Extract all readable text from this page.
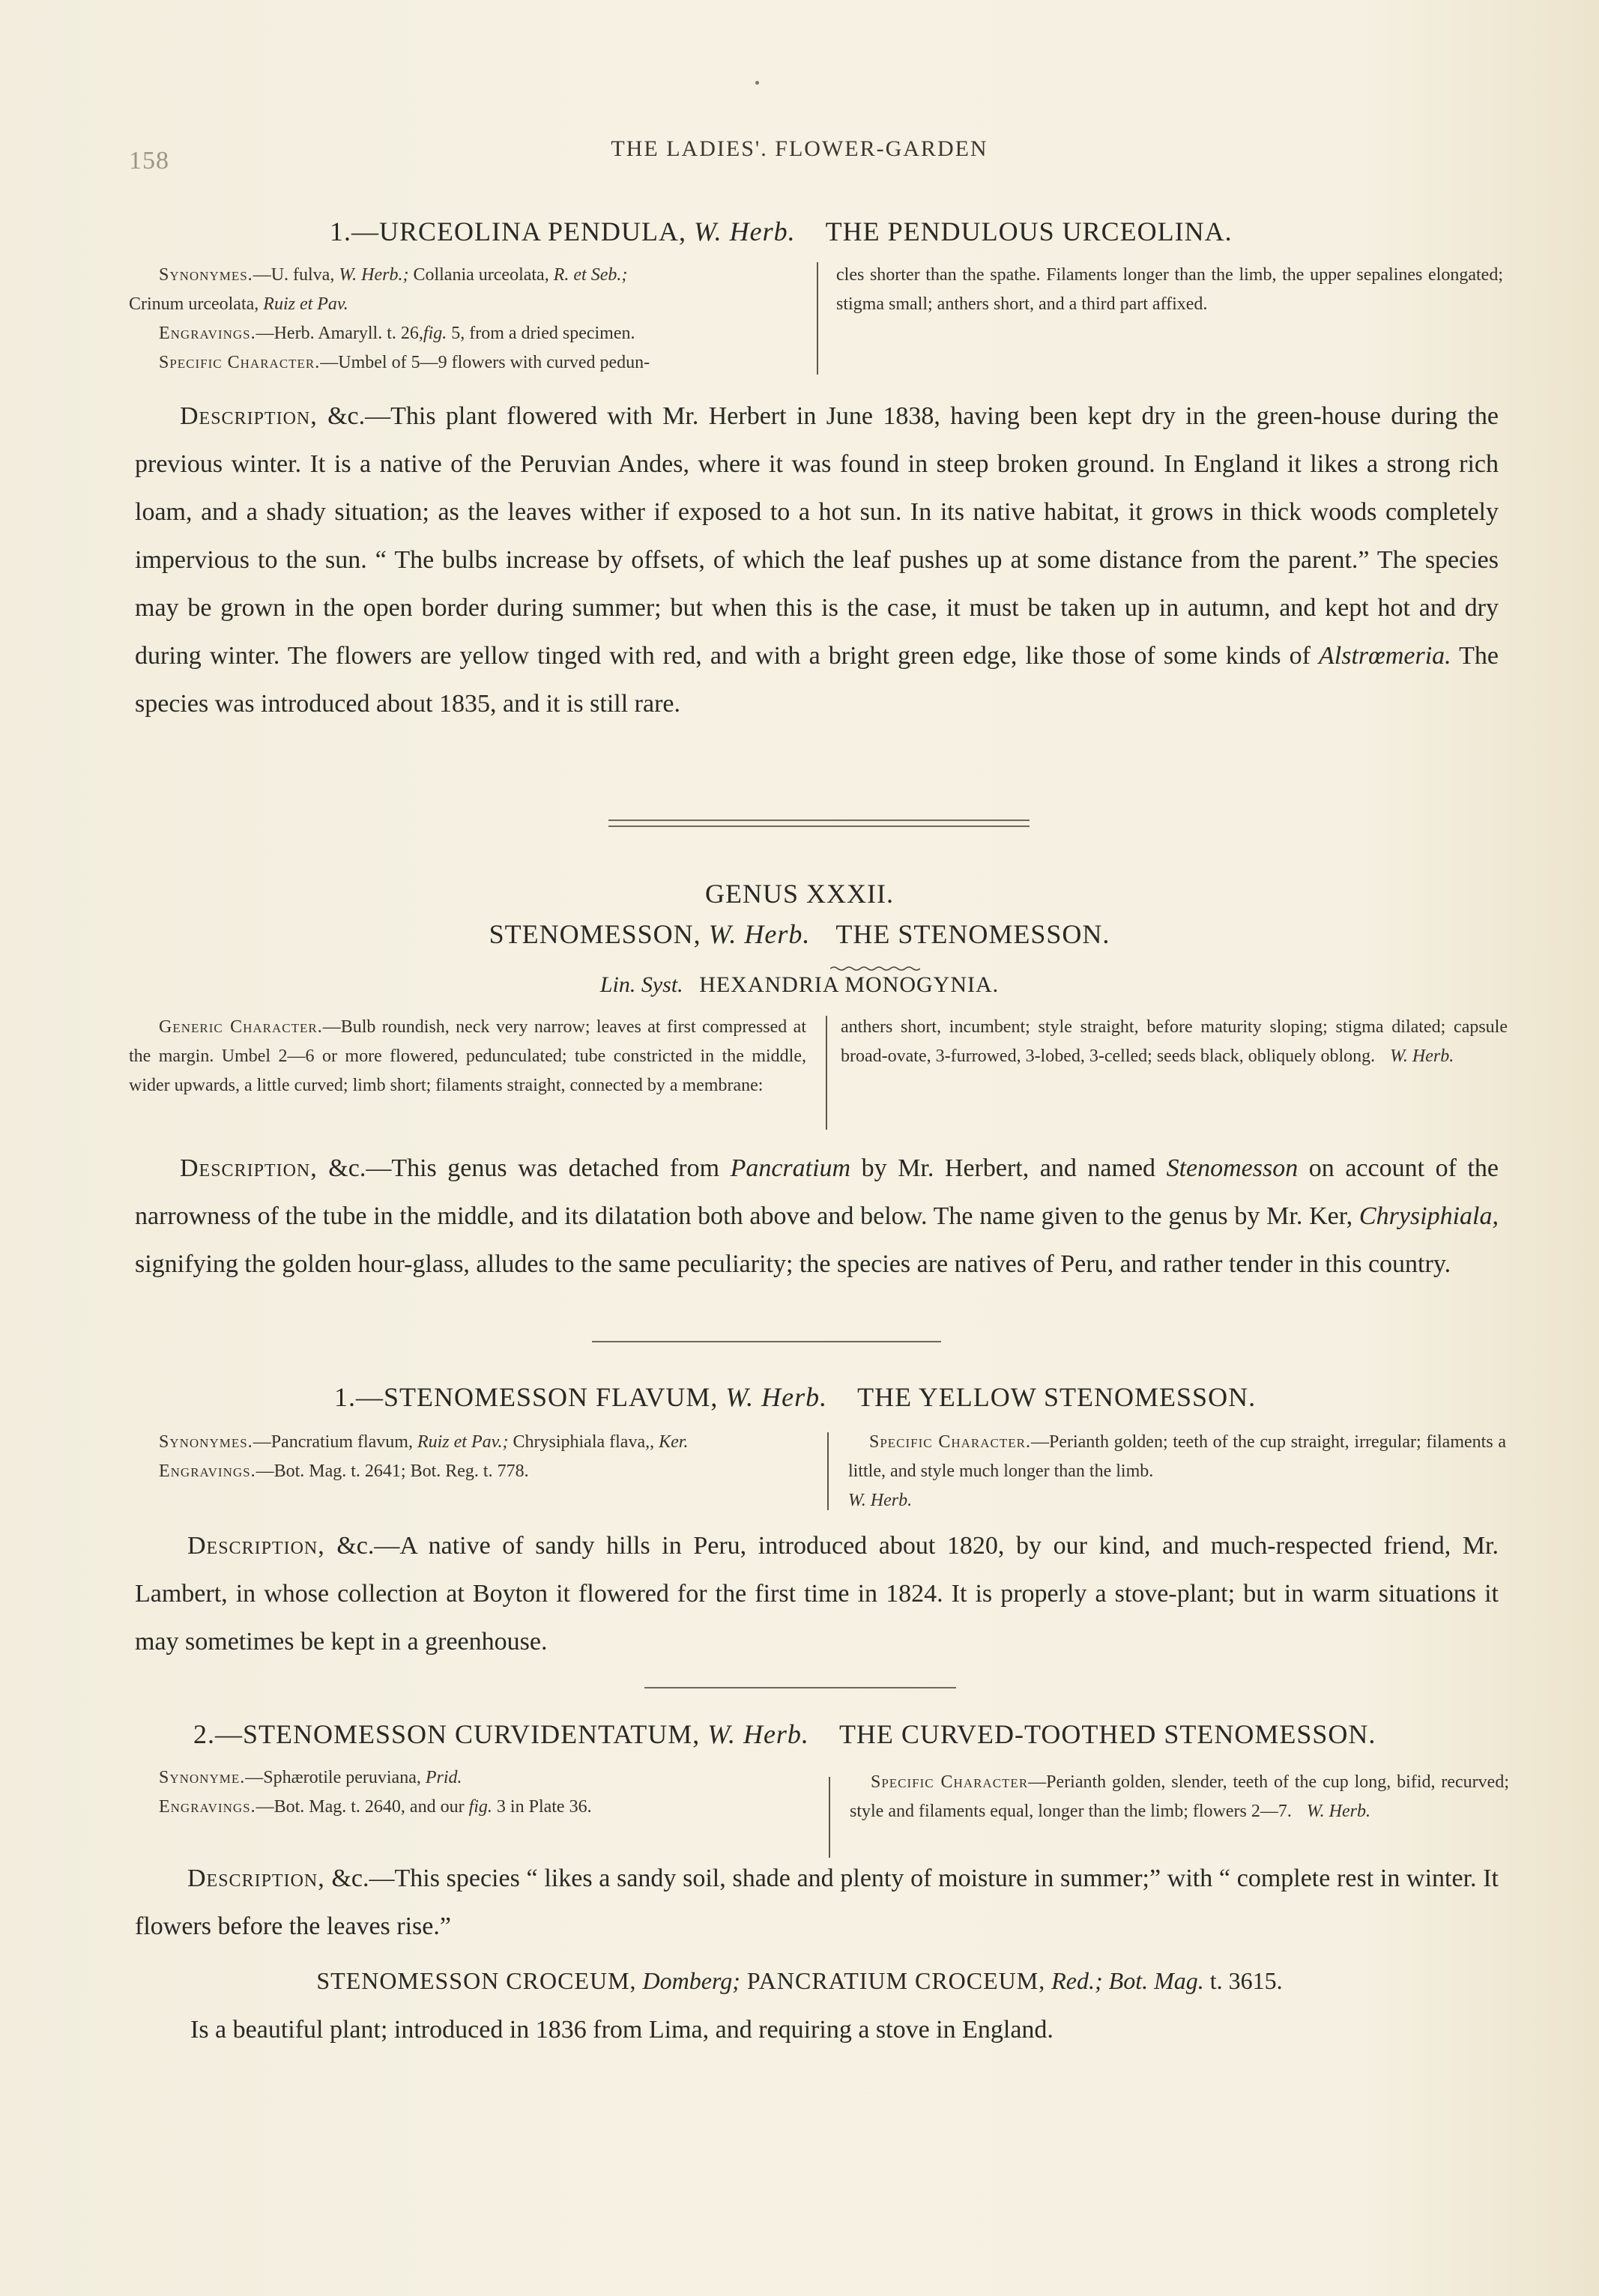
158	THE LADIES'. FLOWER-GARDEN
1.—URCEOLINA PENDULA, W. Herb. THE PENDULOUS URCEOLINA.
Synonymes.—U. fulva, W. Herb.; Collania urceolata, R. et Seb.;
Crinum urceolata, Ruiz et Pav.
Engravings.—Herb. Amaryll. t. 26,fig. 5, from a dried specimen.
Specific Character.—Umbel of 5—9 flowers with curved pedun-
cles shorter than the spathe. Filaments longer than the limb, the upper sepalines elongated; stigma small; anthers short, and a third part affixed.
Description, &c.—This plant flowered with Mr. Herbert in June 1838, having been kept dry in the green-house during the previous winter. It is a native of the Peruvian Andes, where it was found in steep broken ground. In England it likes a strong rich loam, and a shady situation; as the leaves wither if exposed to a hot sun. In its native habitat, it grows in thick woods completely impervious to the sun. “ The bulbs increase by offsets, of which the leaf pushes up at some distance from the parent.” The species may be grown in the open border during summer; but when this is the case, it must be taken up in autumn, and kept hot and dry during winter. The flowers are yellow tinged with red, and with a bright green edge, like those of some kinds of Alstrœmeria. The species was introduced about 1835, and it is still rare.
GENUS XXXII.
STENOMESSON, W. Herb. THE STENOMESSON.
Lin. Syst. HEXANDRIA MONOGYNIA.
Generic Character.—Bulb roundish, neck very narrow; leaves at first compressed at the margin. Umbel 2—6 or more flowered, pedunculated; tube constricted in the middle, wider upwards, a little curved; limb short; filaments straight, connected by a membrane:
anthers short, incumbent; style straight, before maturity sloping; stigma dilated; capsule broad-ovate, 3-furrowed, 3-lobed, 3-celled; seeds black, obliquely oblong. W. Herb.
Description, &c.—This genus was detached from Pancratium by Mr. Herbert, and named Stenomesson on account of the narrowness of the tube in the middle, and its dilatation both above and below. The name given to the genus by Mr. Ker, Chrysiphiala, signifying the golden hour-glass, alludes to the same peculiarity; the species are natives of Peru, and rather tender in this country.
1.—STENOMESSON FLAVUM, W. Herb. THE YELLOW STENOMESSON.
Synonymes.—Pancratium flavum, Ruiz et Pav.; Chrysiphiala flava,, Ker.
Engravings.—Bot. Mag. t. 2641; Bot. Reg. t. 778.
Specific Character.—Perianth golden; teeth of the cup straight, irregular; filaments a little, and style much longer than the limb.
W. Herb.
Description, &c.—A native of sandy hills in Peru, introduced about 1820, by our kind, and much-respected friend, Mr. Lambert, in whose collection at Boyton it flowered for the first time in 1824. It is properly a stove-plant; but in warm situations it may sometimes be kept in a greenhouse.
2.—STENOMESSON CURVIDENTATUM, W. Herb. THE CURVED-TOOTHED STENOMESSON.
Synonyme.—Sphærotile peruviana, Prid.
Engravings.—Bot. Mag. t. 2640, and our fig. 3 in Plate 36.
Specific Character—Perianth golden, slender, teeth of the cup long, bifid, recurved; style and filaments equal, longer than the limb; flowers 2—7. W. Herb.
Description, &c.—This species “ likes a sandy soil, shade and plenty of moisture in summer;” with “ complete rest in winter. It flowers before the leaves rise.”
STENOMESSON CROCEUM, Domberg; PANCRATIUM CROCEUM, Red.; Bot. Mag. t. 3615.
Is a beautiful plant; introduced in 1836 from Lima, and requiring a stove in England.
